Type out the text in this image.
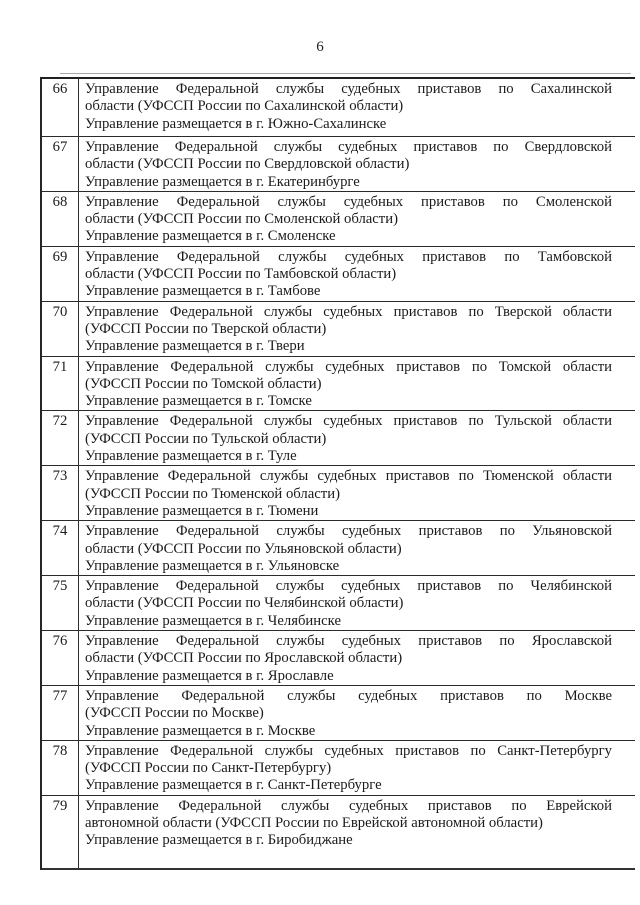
6
66	Управление Федеральной службы судебных приставов по Сахалинской
области (УФССП России по Сахалинской области)
Управление размещается в г. Южно-Сахалинске
67	Управление Федеральной службы судебных приставов по Свердловской
области (УФССП России по Свердловской области)
Управление размещается в г. Екатеринбурге
68	Управление Федеральной службы судебных приставов по Смоленской
области (УФССП России по Смоленской области)
Управление размещается в г. Смоленске
69	Управление Федеральной службы судебных приставов по Тамбовской
области (УФССП России по Тамбовской области)
Управление размещается в г. Тамбове
70	Управление Федеральной службы судебных приставов по Тверской области
(УФССП России по Тверской области)
Управление размещается в г. Твери
71	Управление Федеральной службы судебных приставов по Томской области
(УФССП России по Томской области)
Управление размещается в г. Томске
72	Управление Федеральной службы судебных приставов по Тульской области
(УФССП России по Тульской области)
Управление размещается в г. Туле
73	Управление Федеральной службы судебных приставов по Тюменской области
(УФССП России по Тюменской области)
Управление размещается в г. Тюмени
74	Управление Федеральной службы судебных приставов по Ульяновской
области (УФССП России по Ульяновской области)
Управление размещается в г. Ульяновске
75	Управление Федеральной службы судебных приставов по Челябинской
области (УФССП России по Челябинской области)
Управление размещается в г. Челябинске
76	Управление Федеральной службы судебных приставов по Ярославской
области (УФССП России по Ярославской области)
Управление размещается в г. Ярославле
77	Управление Федеральной службы судебных приставов по Москве
(УФССП России по Москве)
Управление размещается в г. Москве
78	Управление Федеральной службы судебных приставов по Санкт-Петербургу
(УФССП России по Санкт-Петербургу)
Управление размещается в г. Санкт-Петербурге
79	Управление Федеральной службы судебных приставов по Еврейской
автономной области (УФССП России по Еврейской автономной области)
Управление размещается в г. Биробиджане
